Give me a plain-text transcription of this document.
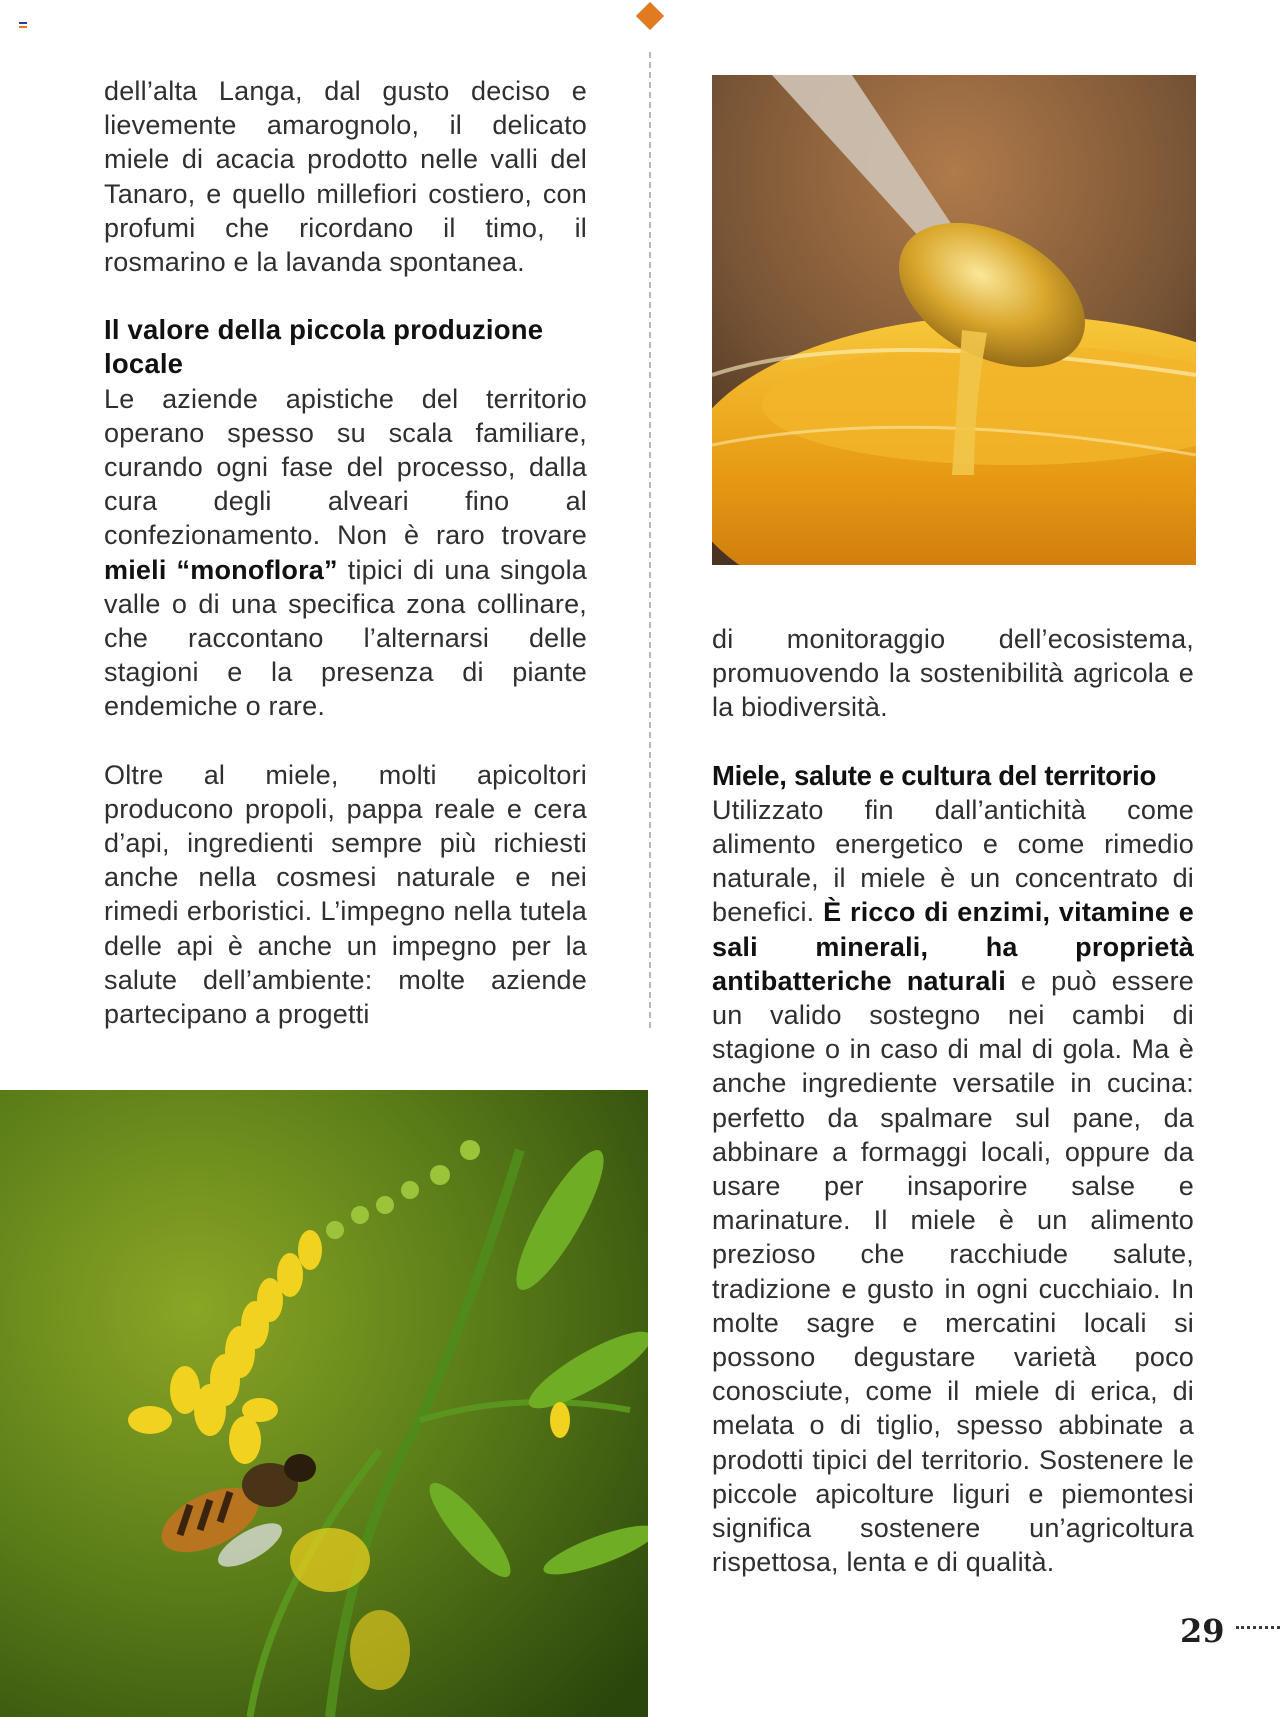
dell’alta Langa, dal gusto deciso e lievemente amarognolo, il delicato miele di acacia prodotto nelle valli del Tanaro, e quello millefiori costiero, con profumi che ricordano il timo, il rosmarino e la lavanda spontanea.

Il valore della piccola produzione locale

Le aziende apistiche del territorio operano spesso su scala familiare, curando ogni fase del processo, dalla cura degli alveari fino al confezionamento. Non è raro trovare mieli “monoflora” tipici di una singola valle o di una specifica zona collinare, che raccontano l’alternarsi delle stagioni e la presenza di piante endemiche o rare.

Oltre al miele, molti apicoltori producono propoli, pappa reale e cera d’api, ingredienti sempre più richiesti anche nella cosmesi naturale e nei rimedi erboristici. L’impegno nella tutela delle api è anche un impegno per la salute dell’ambiente: molte aziende partecipano a progetti

di monitoraggio dell’ecosistema, promuovendo la sostenibilità agricola e la biodiversità.

Miele, salute e cultura del territorio

Utilizzato fin dall’antichità come alimento energetico e come rimedio naturale, il miele è un concentrato di benefici. È ricco di enzimi, vitamine e sali minerali, ha proprietà antibatteriche naturali e può essere un valido sostegno nei cambi di stagione o in caso di mal di gola. Ma è anche ingrediente versatile in cucina: perfetto da spalmare sul pane, da abbinare a formaggi locali, oppure da usare per insaporire salse e marinature. Il miele è un alimento prezioso che racchiude salute, tradizione e gusto in ogni cucchiaio. In molte sagre e mercatini locali si possono degustare varietà poco conosciute, come il miele di erica, di melata o di tiglio, spesso abbinate a prodotti tipici del territorio. Sostenere le piccole apicolture liguri e piemontesi significa sostenere un’agricoltura rispettosa, lenta e di qualità.

29
